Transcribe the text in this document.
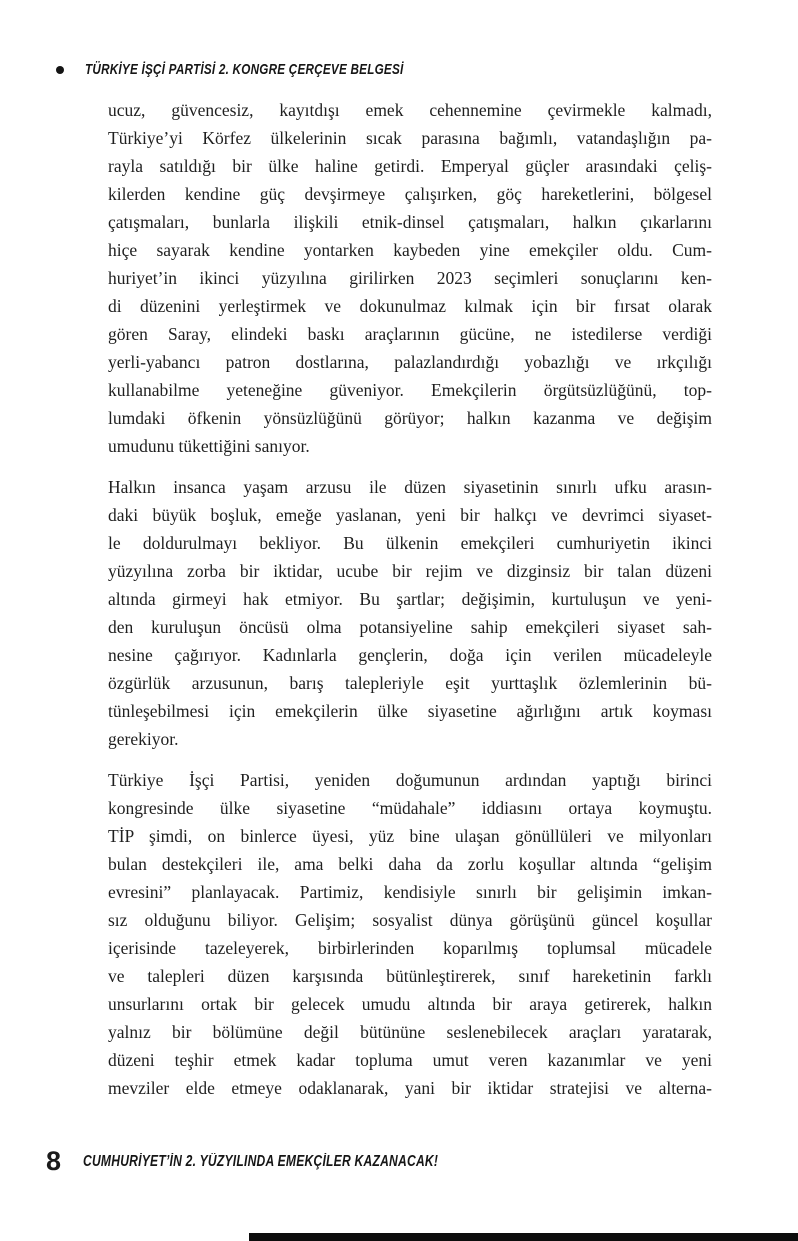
TÜRKİYE İŞÇİ PARTİSİ 2. KONGRE ÇERÇEVE BELGESİ
ucuz, güvencesiz, kayıtdışı emek cehennemine çevirmekle kalmadı,
Türkiye’yi Körfez ülkelerinin sıcak parasına bağımlı, vatandaşlığın pa-
rayla satıldığı bir ülke haline getirdi. Emperyal güçler arasındaki çeliş-
kilerden kendine güç devşirmeye çalışırken, göç hareketlerini, bölgesel
çatışmaları, bunlarla ilişkili etnik-dinsel çatışmaları, halkın çıkarlarını
hiçe sayarak kendine yontarken kaybeden yine emekçiler oldu. Cum-
huriyet’in ikinci yüzyılına girilirken 2023 seçimleri sonuçlarını ken-
di düzenini yerleştirmek ve dokunulmaz kılmak için bir fırsat olarak
gören Saray, elindeki baskı araçlarının gücüne, ne istedilerse verdiği
yerli-yabancı patron dostlarına, palazlandırdığı yobazlığı ve ırkçılığı
kullanabilme yeteneğine güveniyor. Emekçilerin örgütsüzlüğünü, top-
lumdaki öfkenin yönsüzlüğünü görüyor; halkın kazanma ve değişim
umudunu tükettiğini sanıyor.
Halkın insanca yaşam arzusu ile düzen siyasetinin sınırlı ufku arasın-
daki büyük boşluk, emeğe yaslanan, yeni bir halkçı ve devrimci siyaset-
le doldurulmayı bekliyor. Bu ülkenin emekçileri cumhuriyetin ikinci
yüzyılına zorba bir iktidar, ucube bir rejim ve dizginsiz bir talan düzeni
altında girmeyi hak etmiyor. Bu şartlar; değişimin, kurtuluşun ve yeni-
den kuruluşun öncüsü olma potansiyeline sahip emekçileri siyaset sah-
nesine çağırıyor. Kadınlarla gençlerin, doğa için verilen mücadeleyle
özgürlük arzusunun, barış talepleriyle eşit yurttaşlık özlemlerinin bü-
tünleşebilmesi için emekçilerin ülke siyasetine ağırlığını artık koyması
gerekiyor.
Türkiye İşçi Partisi, yeniden doğumunun ardından yaptığı birinci
kongresinde ülke siyasetine “müdahale” iddiasını ortaya koymuştu.
TİP şimdi, on binlerce üyesi, yüz bine ulaşan gönüllüleri ve milyonları
bulan destekçileri ile, ama belki daha da zorlu koşullar altında “gelişim
evresini” planlayacak. Partimiz, kendisiyle sınırlı bir gelişimin imkan-
sız olduğunu biliyor. Gelişim; sosyalist dünya görüşünü güncel koşullar
içerisinde tazeleyerek, birbirlerinden koparılmış toplumsal mücadele
ve talepleri düzen karşısında bütünleştirerek, sınıf hareketinin farklı
unsurlarını ortak bir gelecek umudu altında bir araya getirerek, halkın
yalnız bir bölümüne değil bütününe seslenebilecek araçları yaratarak,
düzeni teşhir etmek kadar topluma umut veren kazanımlar ve yeni
mevziler elde etmeye odaklanarak, yani bir iktidar stratejisi ve alterna-
8 CUMHURİYET’İN 2. YÜZYILINDA EMEKÇİLER KAZANACAK!
